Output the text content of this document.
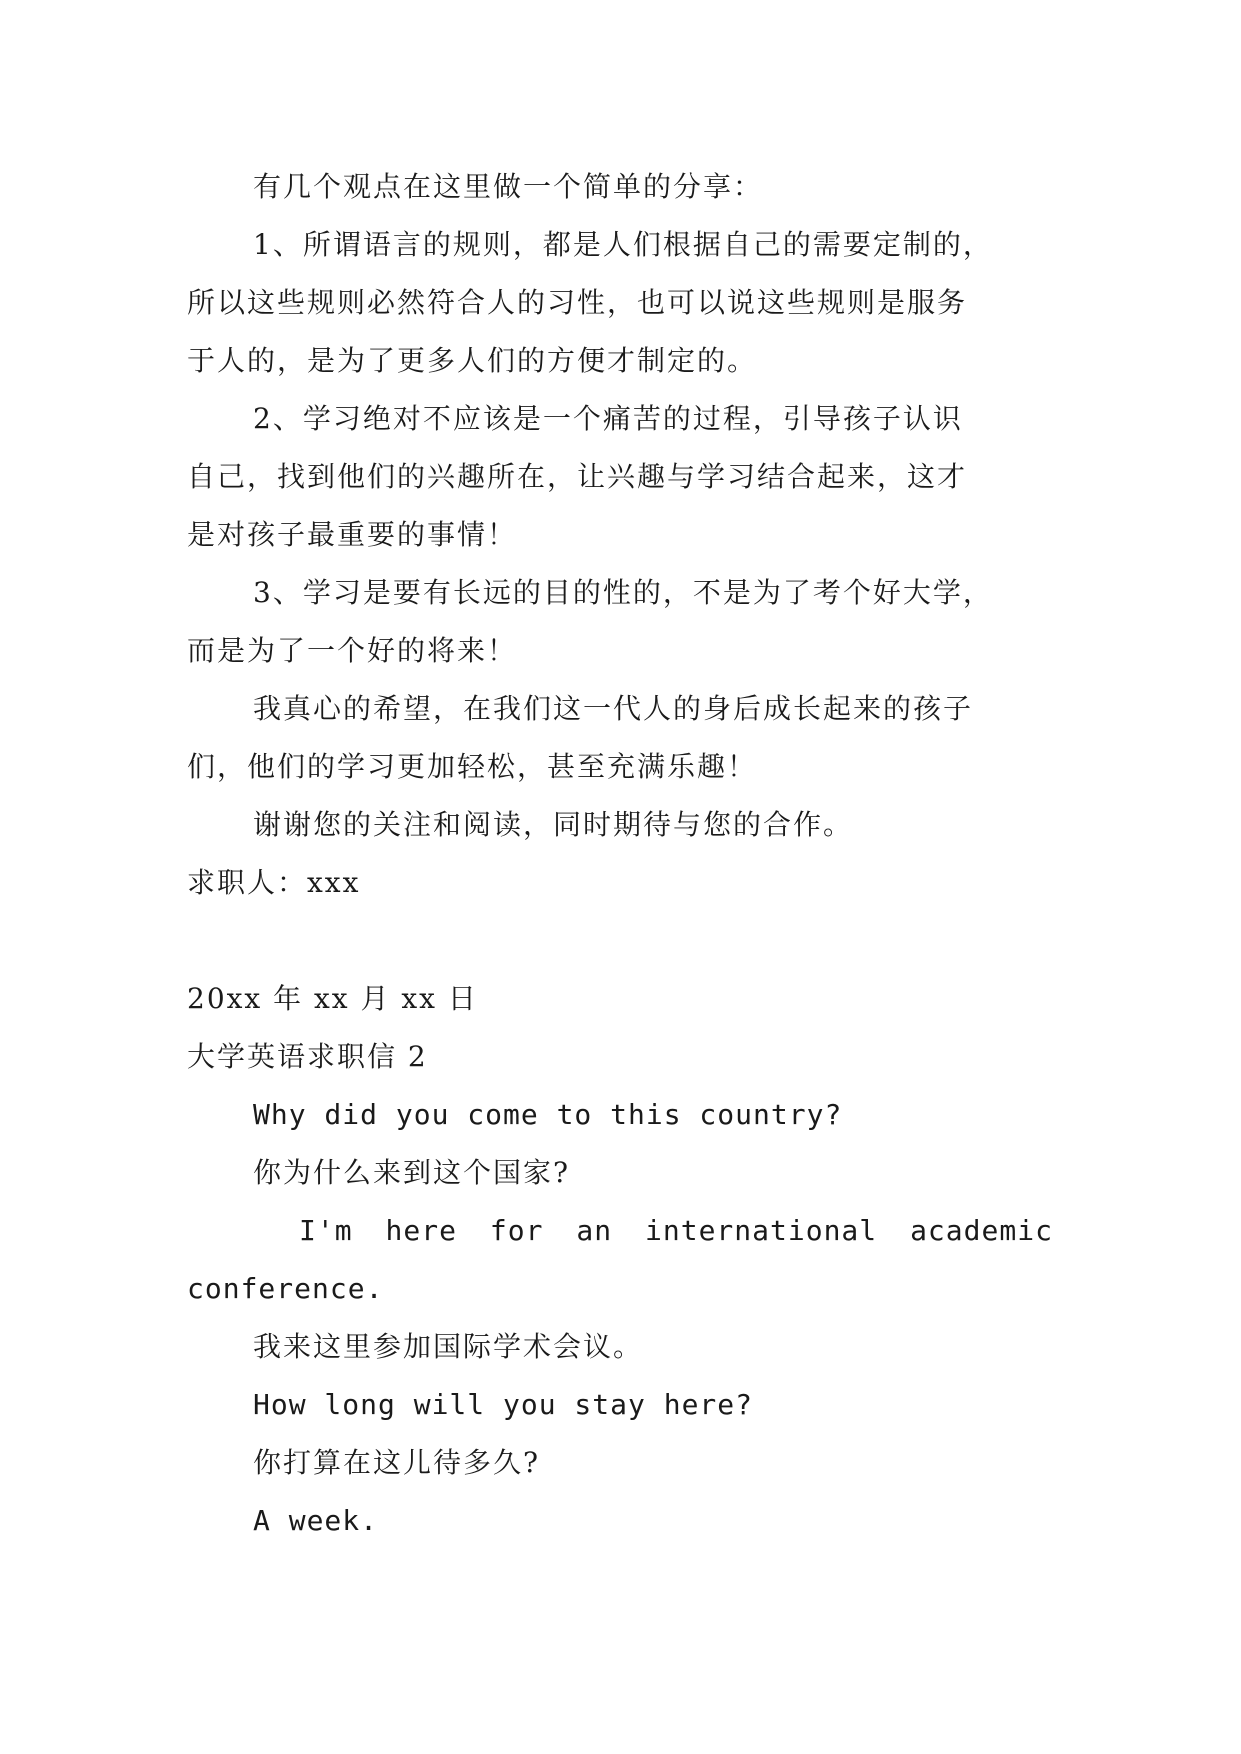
有几个观点在这里做一个简单的分享：
1、所谓语言的规则，都是人们根据自己的需要定制的，
所以这些规则必然符合人的习性，也可以说这些规则是服务
于人的，是为了更多人们的方便才制定的。
2、学习绝对不应该是一个痛苦的过程，引导孩子认识
自己，找到他们的兴趣所在，让兴趣与学习结合起来，这才
是对孩子最重要的事情！
3、学习是要有长远的目的性的，不是为了考个好大学，
而是为了一个好的将来！
我真心的希望，在我们这一代人的身后成长起来的孩子
们，他们的学习更加轻松，甚至充满乐趣！
谢谢您的关注和阅读，同时期待与您的合作。
求职人：xxx
20xx 年 xx 月 xx 日
大学英语求职信 2
Why did you come to this country?
你为什么来到这个国家?
I'm here for an international academic
conference.
我来这里参加国际学术会议。
How long will you stay here?
你打算在这儿待多久?
A week.
